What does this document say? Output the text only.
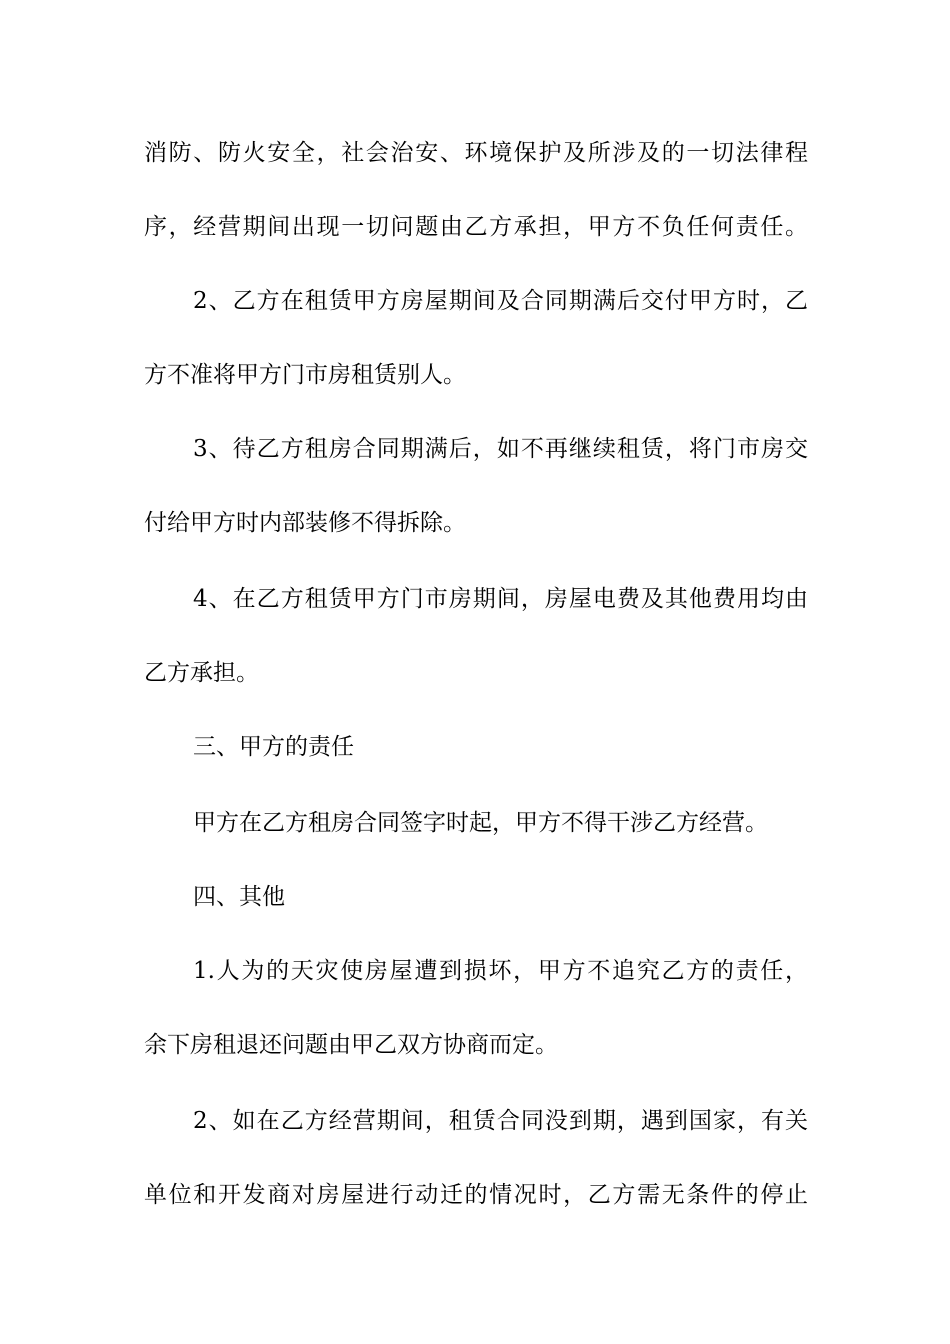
消防、防火安全，社会治安、环境保护及所涉及的一切法律程
序，经营期间出现一切问题由乙方承担，甲方不负任何责任。
2、乙方在租赁甲方房屋期间及合同期满后交付甲方时，乙
方不准将甲方门市房租赁别人。
3、待乙方租房合同期满后，如不再继续租赁，将门市房交
付给甲方时内部装修不得拆除。
4、在乙方租赁甲方门市房期间，房屋电费及其他费用均由
乙方承担。
三、甲方的责任
甲方在乙方租房合同签字时起，甲方不得干涉乙方经营。
四、其他
1.人为的天灾使房屋遭到损坏，甲方不追究乙方的责任，
余下房租退还问题由甲乙双方协商而定。
2、如在乙方经营期间，租赁合同没到期，遇到国家，有关
单位和开发商对房屋进行动迁的情况时，乙方需无条件的停止
